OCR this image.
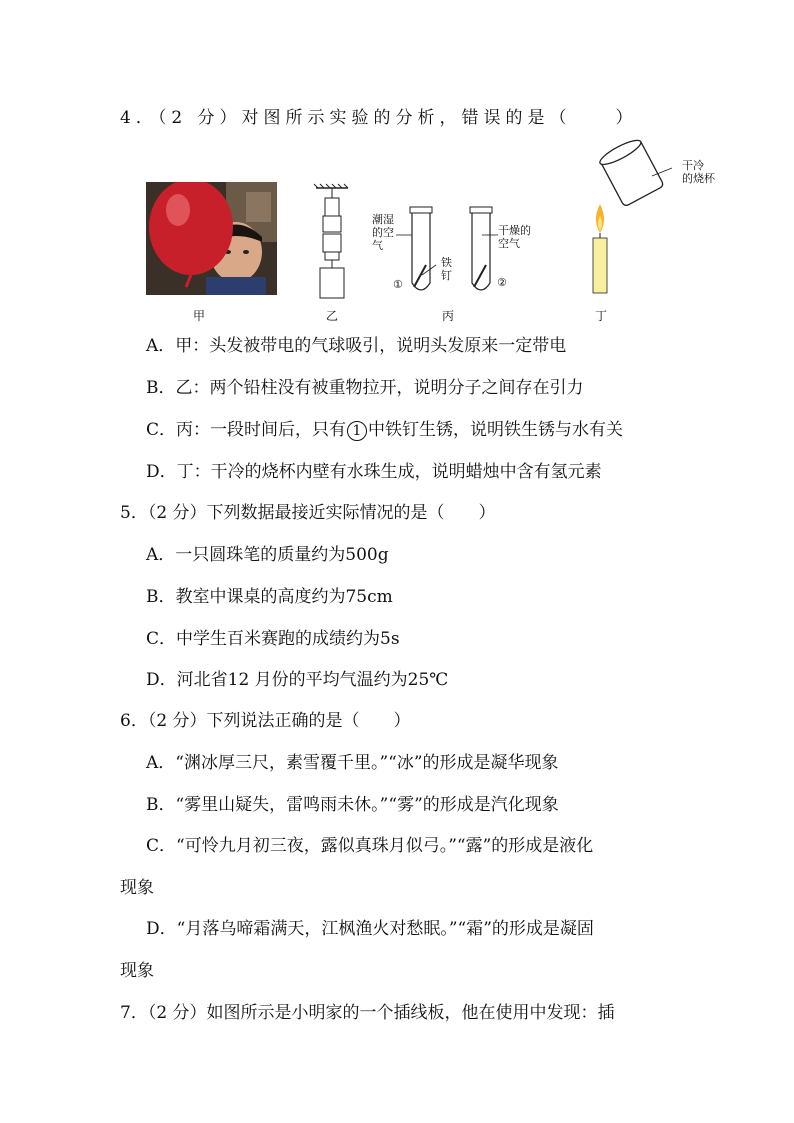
4．（2 分）对图所示实验的分析，错误的是（　　）
潮湿
的空
气
铁
钉
①	②
干燥的
空气
干冷
的烧杯
甲	乙	丙	丁
A．甲：头发被带电的气球吸引，说明头发原来一定带电
B．乙：两个铅柱没有被重物拉开，说明分子之间存在引力
C．丙：一段时间后，只有 1 中铁钉生锈，说明铁生锈与水有关
D．丁：干冷的烧杯内壁有水珠生成，说明蜡烛中含有氢元素
5．（2 分）下列数据最接近实际情况的是（　　）
A．一只圆珠笔的质量约为500g
B．教室中课桌的高度约为75cm
C．中学生百米赛跑的成绩约为5s
D．河北省12 月份的平均气温约为25℃
6．（2 分）下列说法正确的是（　　）
A．“渊冰厚三尺，素雪覆千里。”“冰”的形成是凝华现象
B．“雾里山疑失，雷鸣雨未休。”“雾”的形成是汽化现象
C．“可怜九月初三夜，露似真珠月似弓。”“露”的形成是液化
现象
D．“月落乌啼霜满天，江枫渔火对愁眠。”“霜”的形成是凝固
现象
7．（2 分）如图所示是小明家的一个插线板，他在使用中发现：插
